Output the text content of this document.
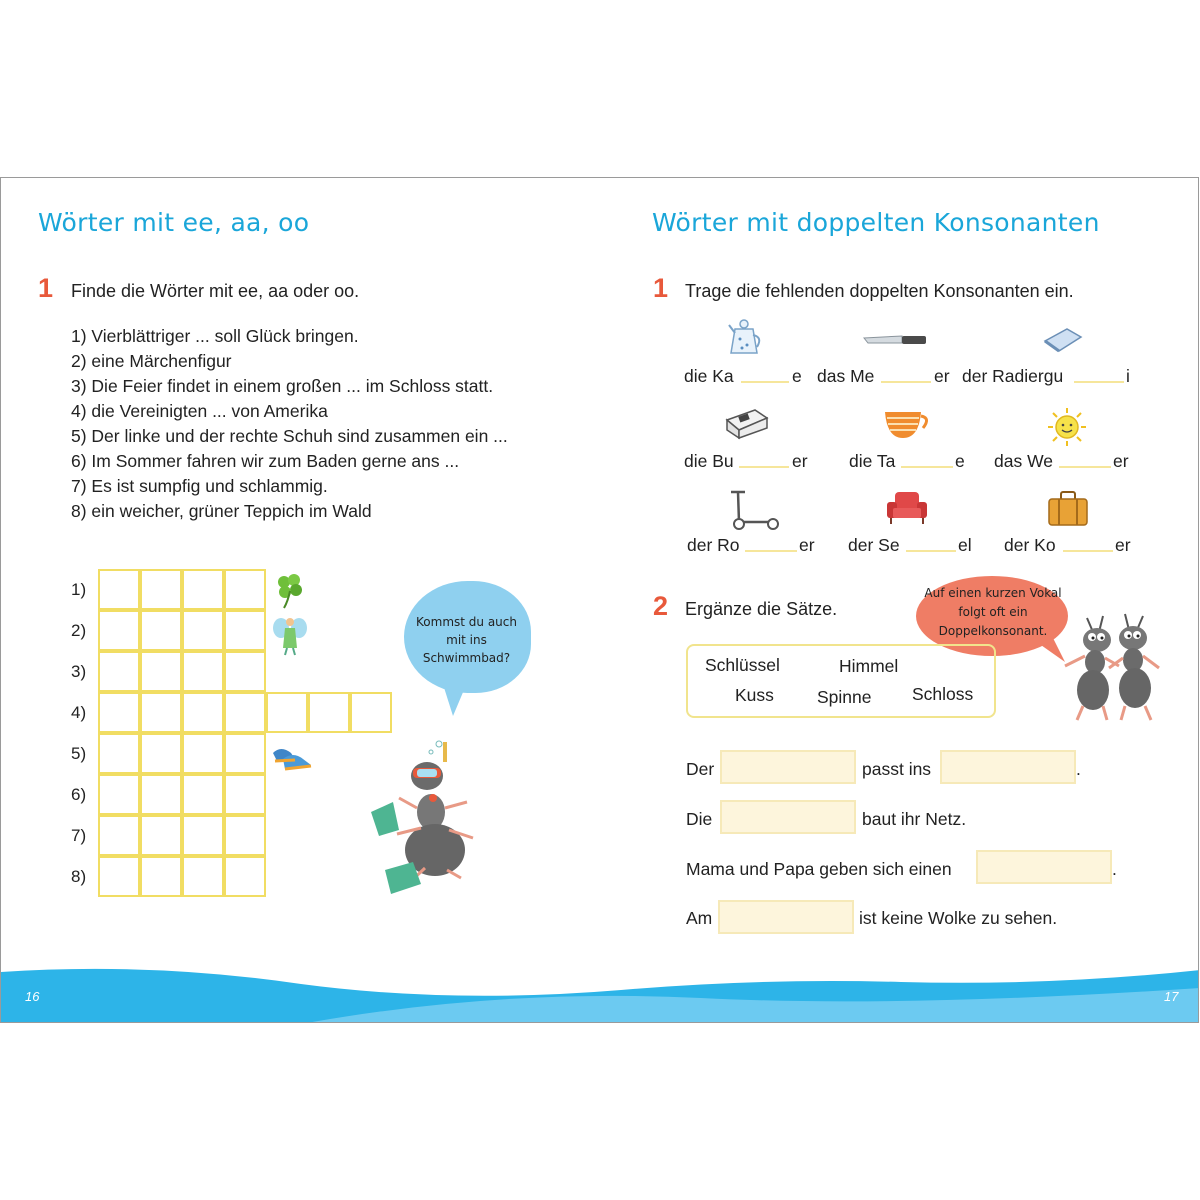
Wörter mit ee, aa, oo
1 Finde die Wörter mit ee, aa oder oo.
1) Vierblättriger ... soll Glück bringen.
2) eine Märchenfigur
3) Die Feier findet in einem großen ... im Schloss statt.
4) die Vereinigten ... von Amerika
5) Der linke und der rechte Schuh sind zusammen ein ...
6) Im Sommer fahren wir zum Baden gerne ans ...
7) Es ist sumpfig und schlammig.
8) ein weicher, grüner Teppich im Wald
1)
2)
3)
4)
5)
6)
7)
8)
Kommst du auch mit ins Schwimmbad?
Wörter mit doppelten Konsonanten
1 Trage die fehlenden doppelten Konsonanten ein.
die Ka	e das Me	er der Radiergu	i
die Bu	er die Ta	e das We	er
der Ro	er der Se	el der Ko	er
2 Ergänze die Sätze.
Auf einen kurzen Vokal folgt oft ein Doppelkonsonant.
Schlüssel	Himmel
Kuss Spinne Schloss
Der	passt ins	.
Die	baut ihr Netz.
Mama und Papa geben sich einen	.
Am	ist keine Wolke zu sehen.
16	17
